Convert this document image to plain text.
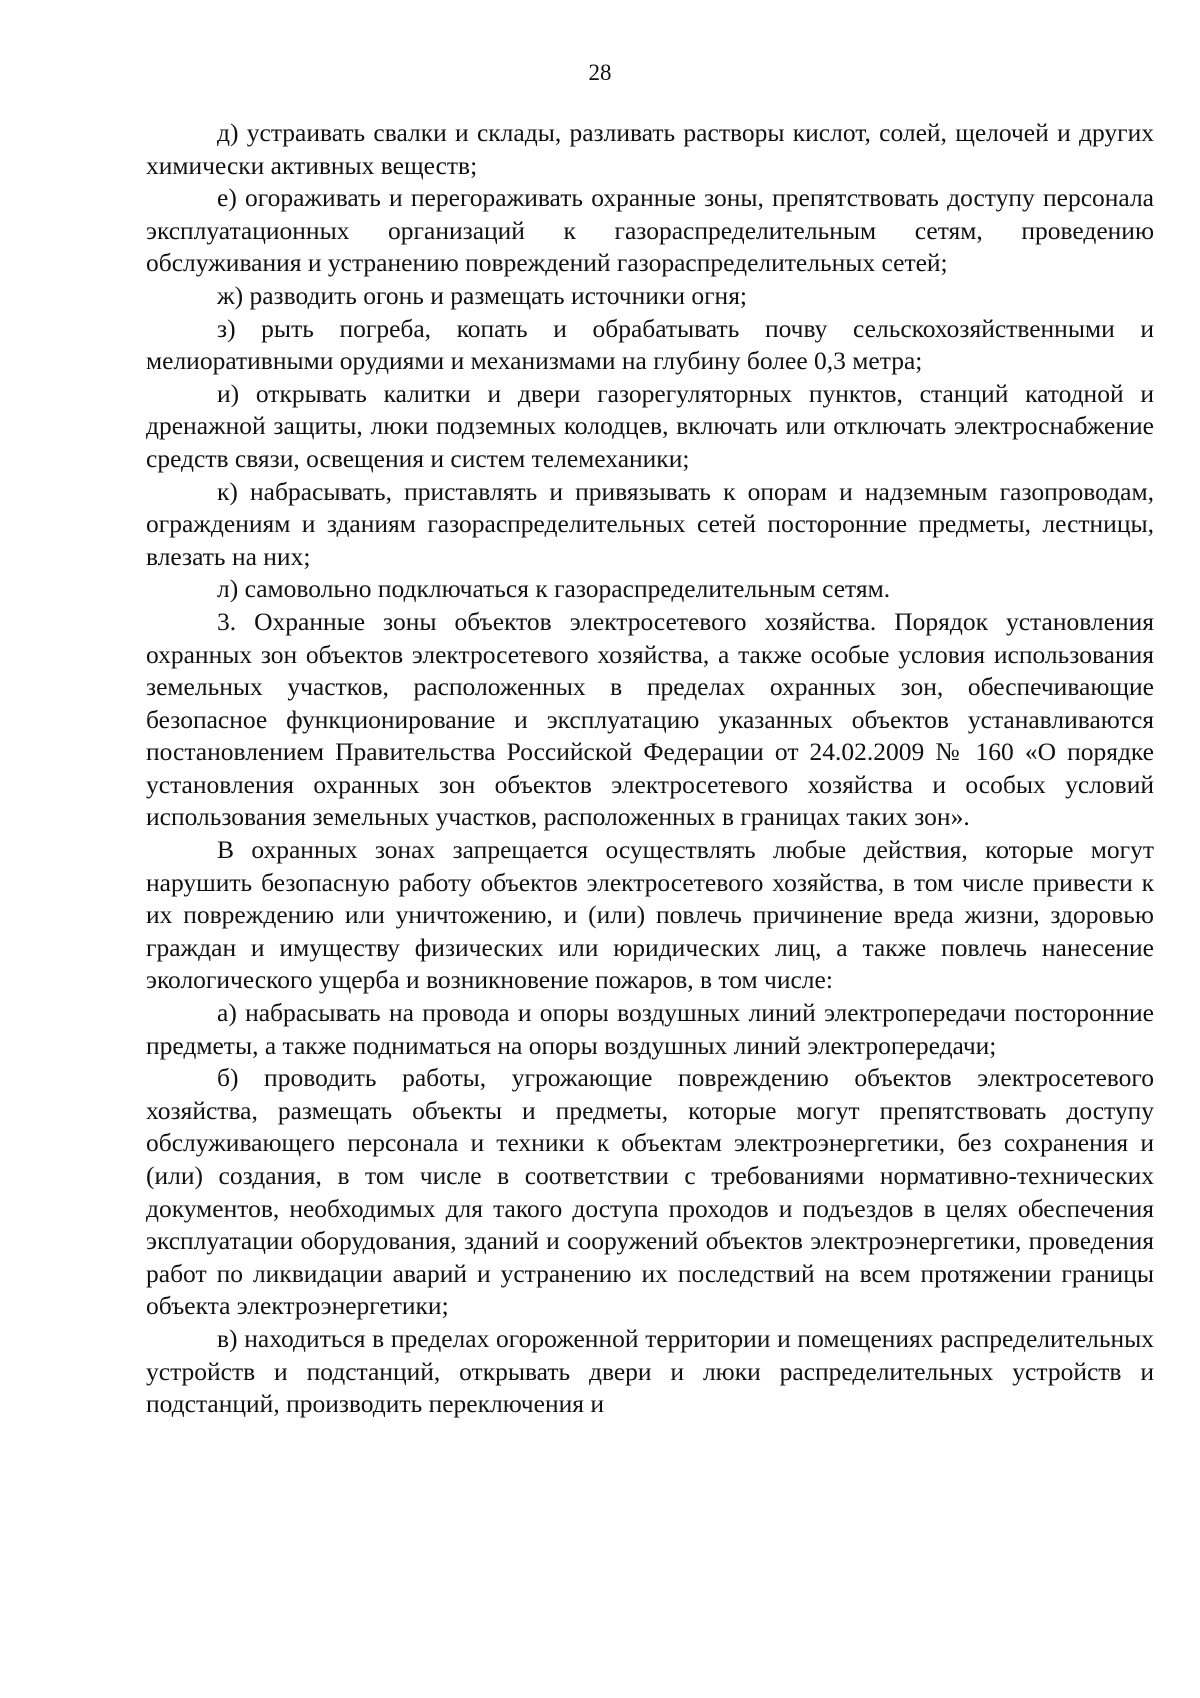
28

д) устраивать свалки и склады, разливать растворы кислот, солей, щелочей и других химически активных веществ;

е) огораживать и перегораживать охранные зоны, препятствовать доступу персонала эксплуатационных организаций к газораспределительным сетям, проведению обслуживания и устранению повреждений газораспределительных сетей;

ж) разводить огонь и размещать источники огня;

з) рыть погреба, копать и обрабатывать почву сельскохозяйственными и мелиоративными орудиями и механизмами на глубину более 0,3 метра;

и) открывать калитки и двери газорегуляторных пунктов, станций катодной и дренажной защиты, люки подземных колодцев, включать или отключать электроснабжение средств связи, освещения и систем телемеханики;

к) набрасывать, приставлять и привязывать к опорам и надземным газопроводам, ограждениям и зданиям газораспределительных сетей посторонние предметы, лестницы, влезать на них;

л) самовольно подключаться к газораспределительным сетям.

3. Охранные зоны объектов электросетевого хозяйства. Порядок установления охранных зон объектов электросетевого хозяйства, а также особые условия использования земельных участков, расположенных в пределах охранных зон, обеспечивающие безопасное функционирование и эксплуатацию указанных объектов устанавливаются постановлением Правительства Российской Федерации от 24.02.2009 № 160 «О порядке установления охранных зон объектов электросетевого хозяйства и особых условий использования земельных участков, расположенных в границах таких зон».

В охранных зонах запрещается осуществлять любые действия, которые могут нарушить безопасную работу объектов электросетевого хозяйства, в том числе привести к их повреждению или уничтожению, и (или) повлечь причинение вреда жизни, здоровью граждан и имуществу физических или юридических лиц, а также повлечь нанесение экологического ущерба и возникновение пожаров, в том числе:

а) набрасывать на провода и опоры воздушных линий электропередачи посторонние предметы, а также подниматься на опоры воздушных линий электропередачи;

б) проводить работы, угрожающие повреждению объектов электросетевого хозяйства, размещать объекты и предметы, которые могут препятствовать доступу обслуживающего персонала и техники к объектам электроэнергетики, без сохранения и (или) создания, в том числе в соответствии с требованиями нормативно-технических документов, необходимых для такого доступа проходов и подъездов в целях обеспечения эксплуатации оборудования, зданий и сооружений объектов электроэнергетики, проведения работ по ликвидации аварий и устранению их последствий на всем протяжении границы объекта электроэнергетики;

в) находиться в пределах огороженной территории и помещениях распределительных устройств и подстанций, открывать двери и люки распределительных устройств и подстанций, производить переключения и
